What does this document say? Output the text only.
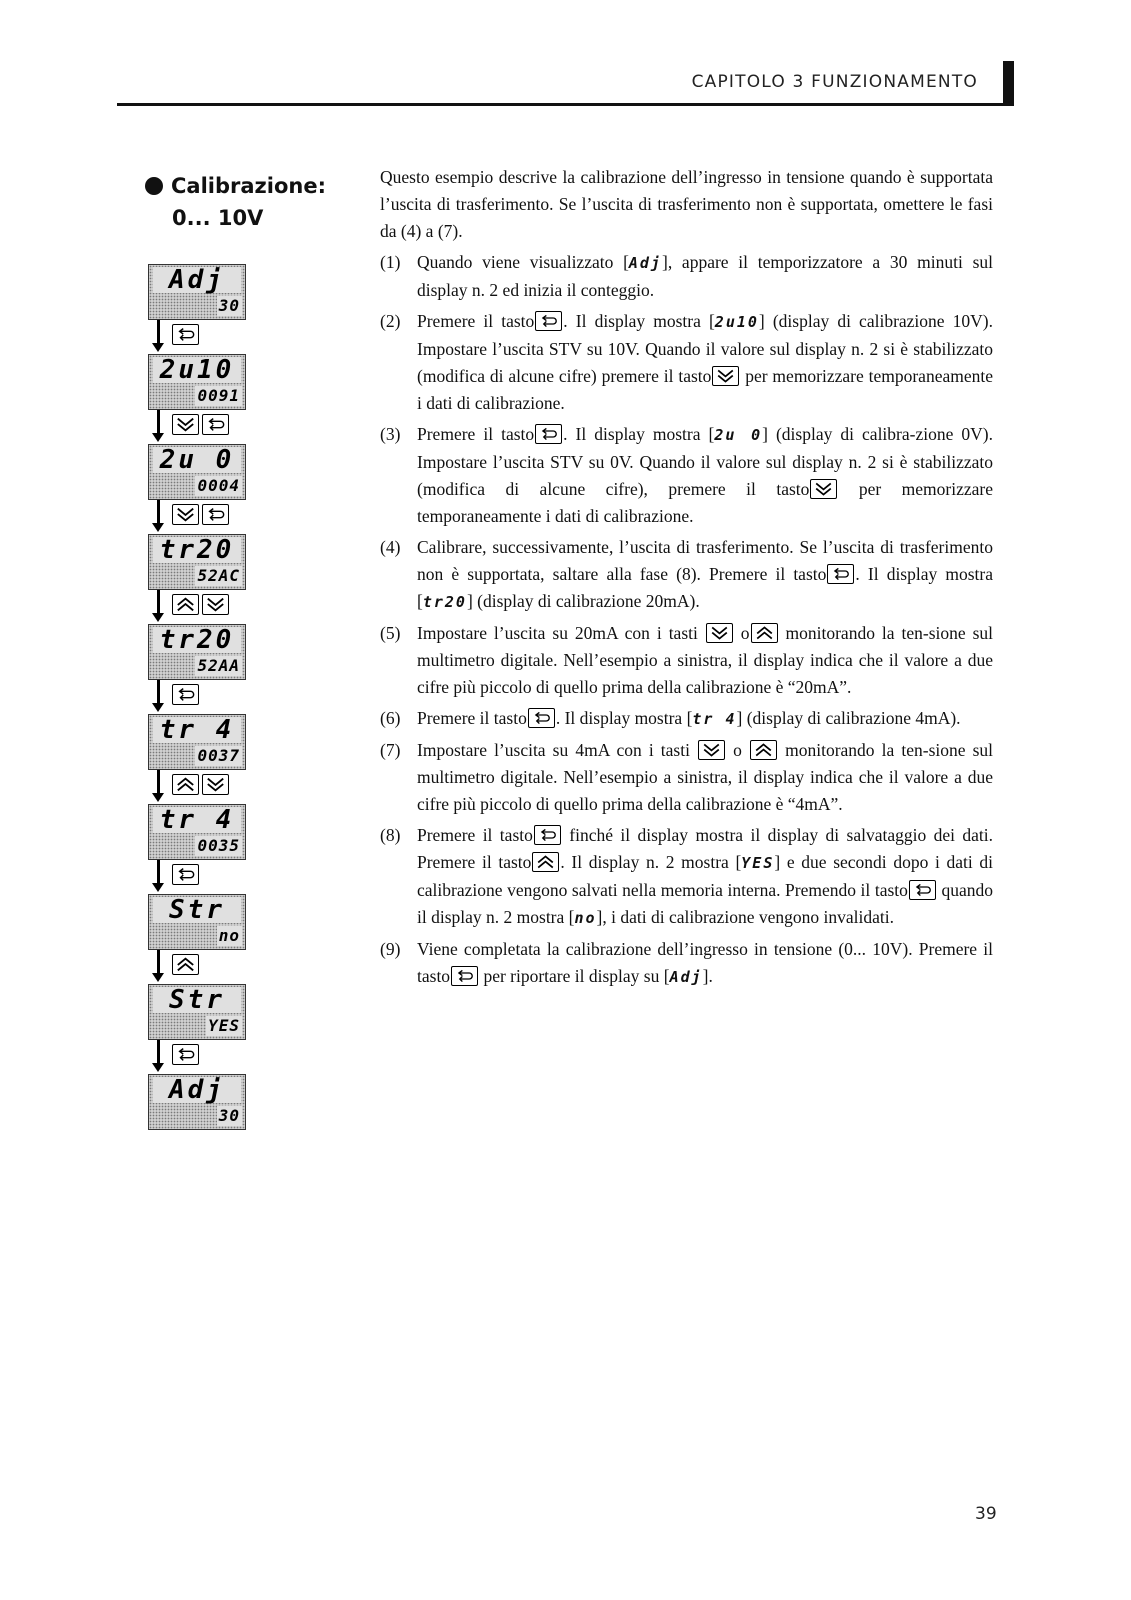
CAPITOLO 3 FUNZIONAMENTO
Calibrazione:
0... 10V
Adj
30
2u10
0091
2u 0
0004
tr20
52AC
tr20
52AA
tr 4
0037
tr 4
0035
Str
no
Str
YES
Adj
30

Questo esempio descrive la calibrazione dell’ingresso in tensione quando è supportata l’uscita di trasferimento. Se l’uscita di trasferimento non è supportata, omettere le fasi da (4) a (7).

(1) Quando viene visualizzato [Adj], appare il temporizzatore a 30 minuti sul display n. 2 ed inizia il conteggio.
(2) Premere il tasto . Il display mostra [2u10] (display di calibrazione 10V). Impostare l’uscita STV su 10V. Quando il valore sul display n. 2 si è stabilizzato (modifica di alcune cifre) premere il tasto
per memorizzare temporaneamente i dati di calibrazione.
(3) Premere il tasto . Il display mostra [2u 0] (display di calibra-zione 0V). Impostare l’uscita STV su 0V. Quando il valore sul display n. 2 si è stabilizzato (modifica di alcune cifre), premere il tasto
per memorizzare temporaneamente i dati di calibrazione.
(4) Calibrare, successivamente, l’uscita di trasferimento. Se l’uscita di trasferimento non è supportata, saltare alla fase (8). Premere il tasto . Il display mostra [tr20] (display di calibrazione 20mA).
(5) Impostare l’uscita su 20mA con i tasti
o
monitorando la ten-sione sul multimetro digitale. Nell’esempio a sinistra, il display indica che il valore a due cifre più piccolo di quello prima della calibrazione è “20mA”.
(6) Premere il tasto . Il display mostra [tr 4] (display di calibrazione 4mA).
(7) Impostare l’uscita su 4mA con i tasti
o
monitorando la ten-sione sul multimetro digitale. Nell’esempio a sinistra, il display indica che il valore a due cifre più piccolo di quello prima della calibrazione è “4mA”.
(8) Premere il tasto
finché il display mostra il display di salvataggio dei dati. Premere il tasto . Il display n. 2 mostra [YES] e due secondi dopo i dati di calibrazione vengono salvati nella memoria interna. Premendo il tasto
quando il display n. 2 mostra [no], i dati di calibrazione vengono invalidati.
(9) Viene completata la calibrazione dell’ingresso in tensione (0... 10V). Premere il tasto
per riportare il display su [Adj].
39
